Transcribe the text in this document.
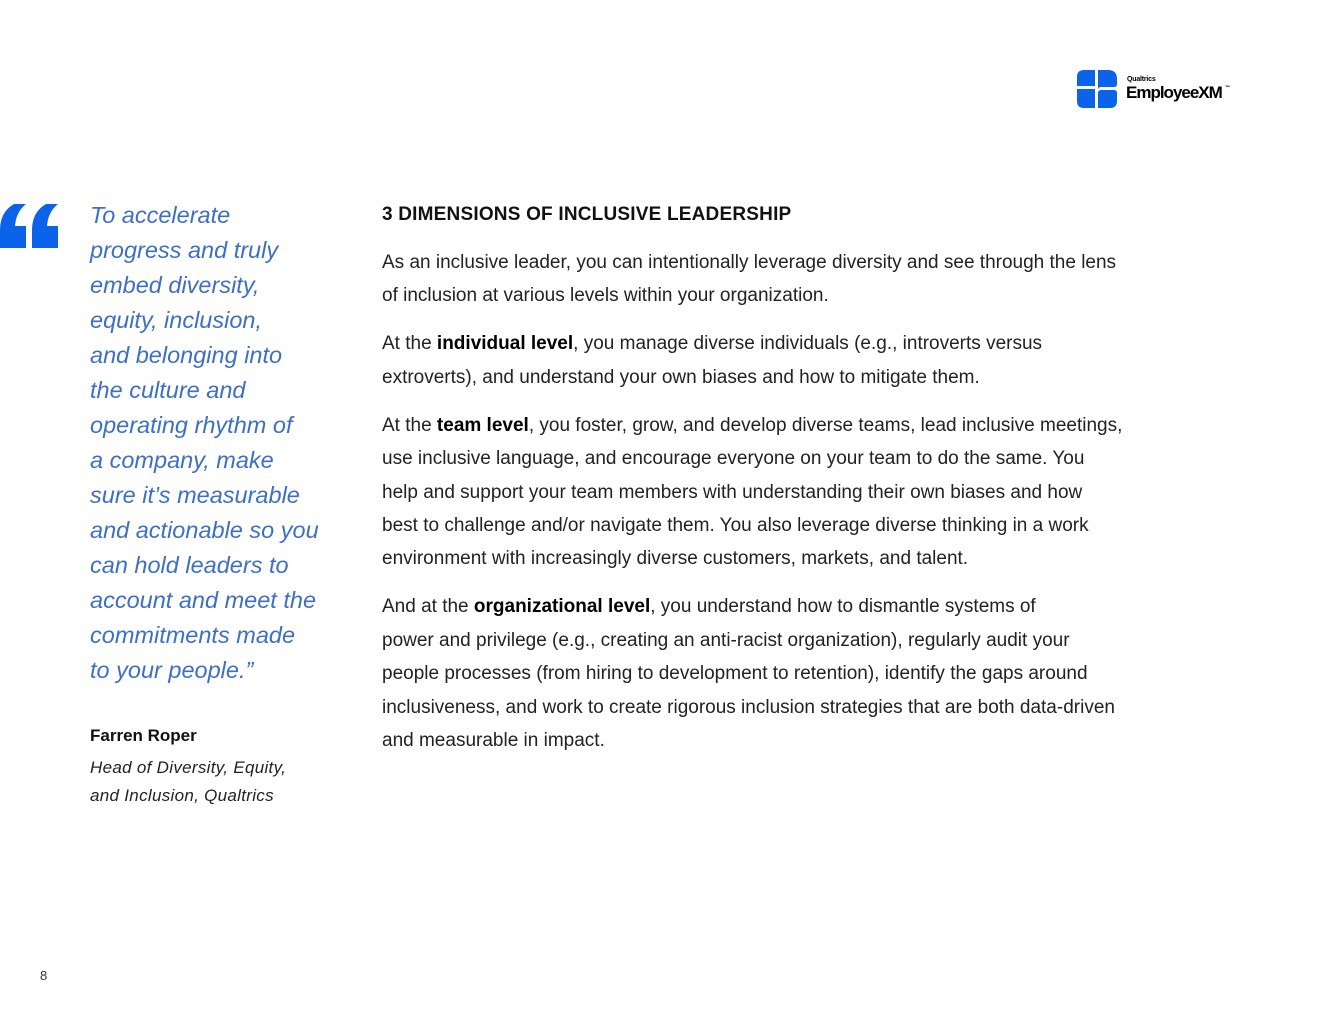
Qualtrics
EmployeeXM ™

To accelerate
progress and truly
embed diversity,
equity, inclusion,
and belonging into
the culture and
operating rhythm of
a company, make
sure it’s measurable
and actionable so you
can hold leaders to
account and meet the
commitments made
to your people.”

Farren Roper
Head of Diversity, Equity,
and Inclusion, Qualtrics
3 DIMENSIONS OF INCLUSIVE LEADERSHIP

As an inclusive leader, you can intentionally leverage diversity and see through the lens
of inclusion at various levels within your organization.

At the individual level, you manage diverse individuals (e.g., introverts versus
extroverts), and understand your own biases and how to mitigate them.

At the team level, you foster, grow, and develop diverse teams, lead inclusive meetings,
use inclusive language, and encourage everyone on your team to do the same. You
help and support your team members with understanding their own biases and how
best to challenge and/or navigate them. You also leverage diverse thinking in a work
environment with increasingly diverse customers, markets, and talent.

And at the organizational level, you understand how to dismantle systems of
power and privilege (e.g., creating an anti-racist organization), regularly audit your
people processes (from hiring to development to retention), identify the gaps around
inclusiveness, and work to create rigorous inclusion strategies that are both data-driven
and measurable in impact.

8
